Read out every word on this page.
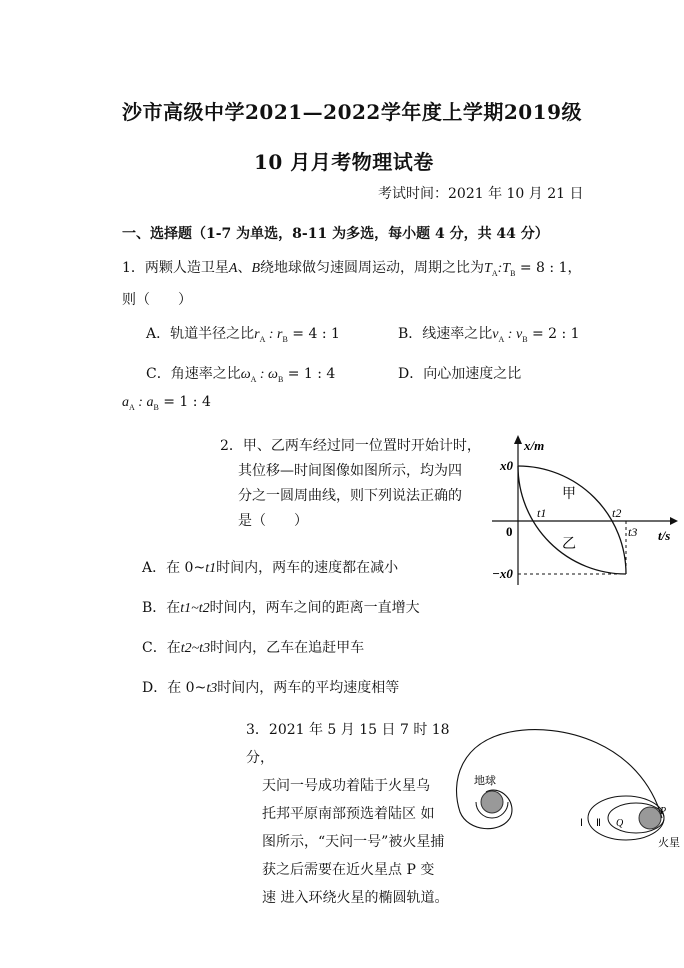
沙市高级中学2021—2022学年度上学期2019级
10 月月考物理试卷
考试时间：2021 年 10 月 21 日
一、选择题（1-7 为单选，8-11 为多选，每小题 4 分，共 44 分）
1．两颗人造卫星A、B绕地球做匀速圆周运动，周期之比为$T_A:T_B = 8$ : 1，
则（　　）
A．轨道半径之比$r_A$ : $r_B = 4$ : 1	B．线速率之比$v_A$ : $v_B = 2$ : 1
C．角速率之比$\omega_A$ : $\omega_B = 1$ : 4	D．向心加速度之比
$a_A$ : $a_B = 1$ : 4
2．甲、乙两车经过同一位置时开始计时，
其位移—时间图像如图所示，均为四
分之一圆周曲线，则下列说法正确的
是（　　）
x/m
t/s
x0
−x0
0
t1	t2
t3
甲
乙
A．在 0~t1时间内，两车的速度都在减小
B．在t1~t2时间内，两车之间的距离一直增大
C．在t2~t3时间内，乙车在追赶甲车
D．在 0~t3时间内，两车的平均速度相等
3．2021 年 5 月 15 日 7 时 18 分，
天问一号成功着陆于火星乌
托邦平原南部预选着陆区 如
图所示，“天问一号”被火星捕
获之后需要在近火星点 P 变
速 进入环绕火星的椭圆轨道。
地球
P
Q
Ⅰ Ⅱ
火星
